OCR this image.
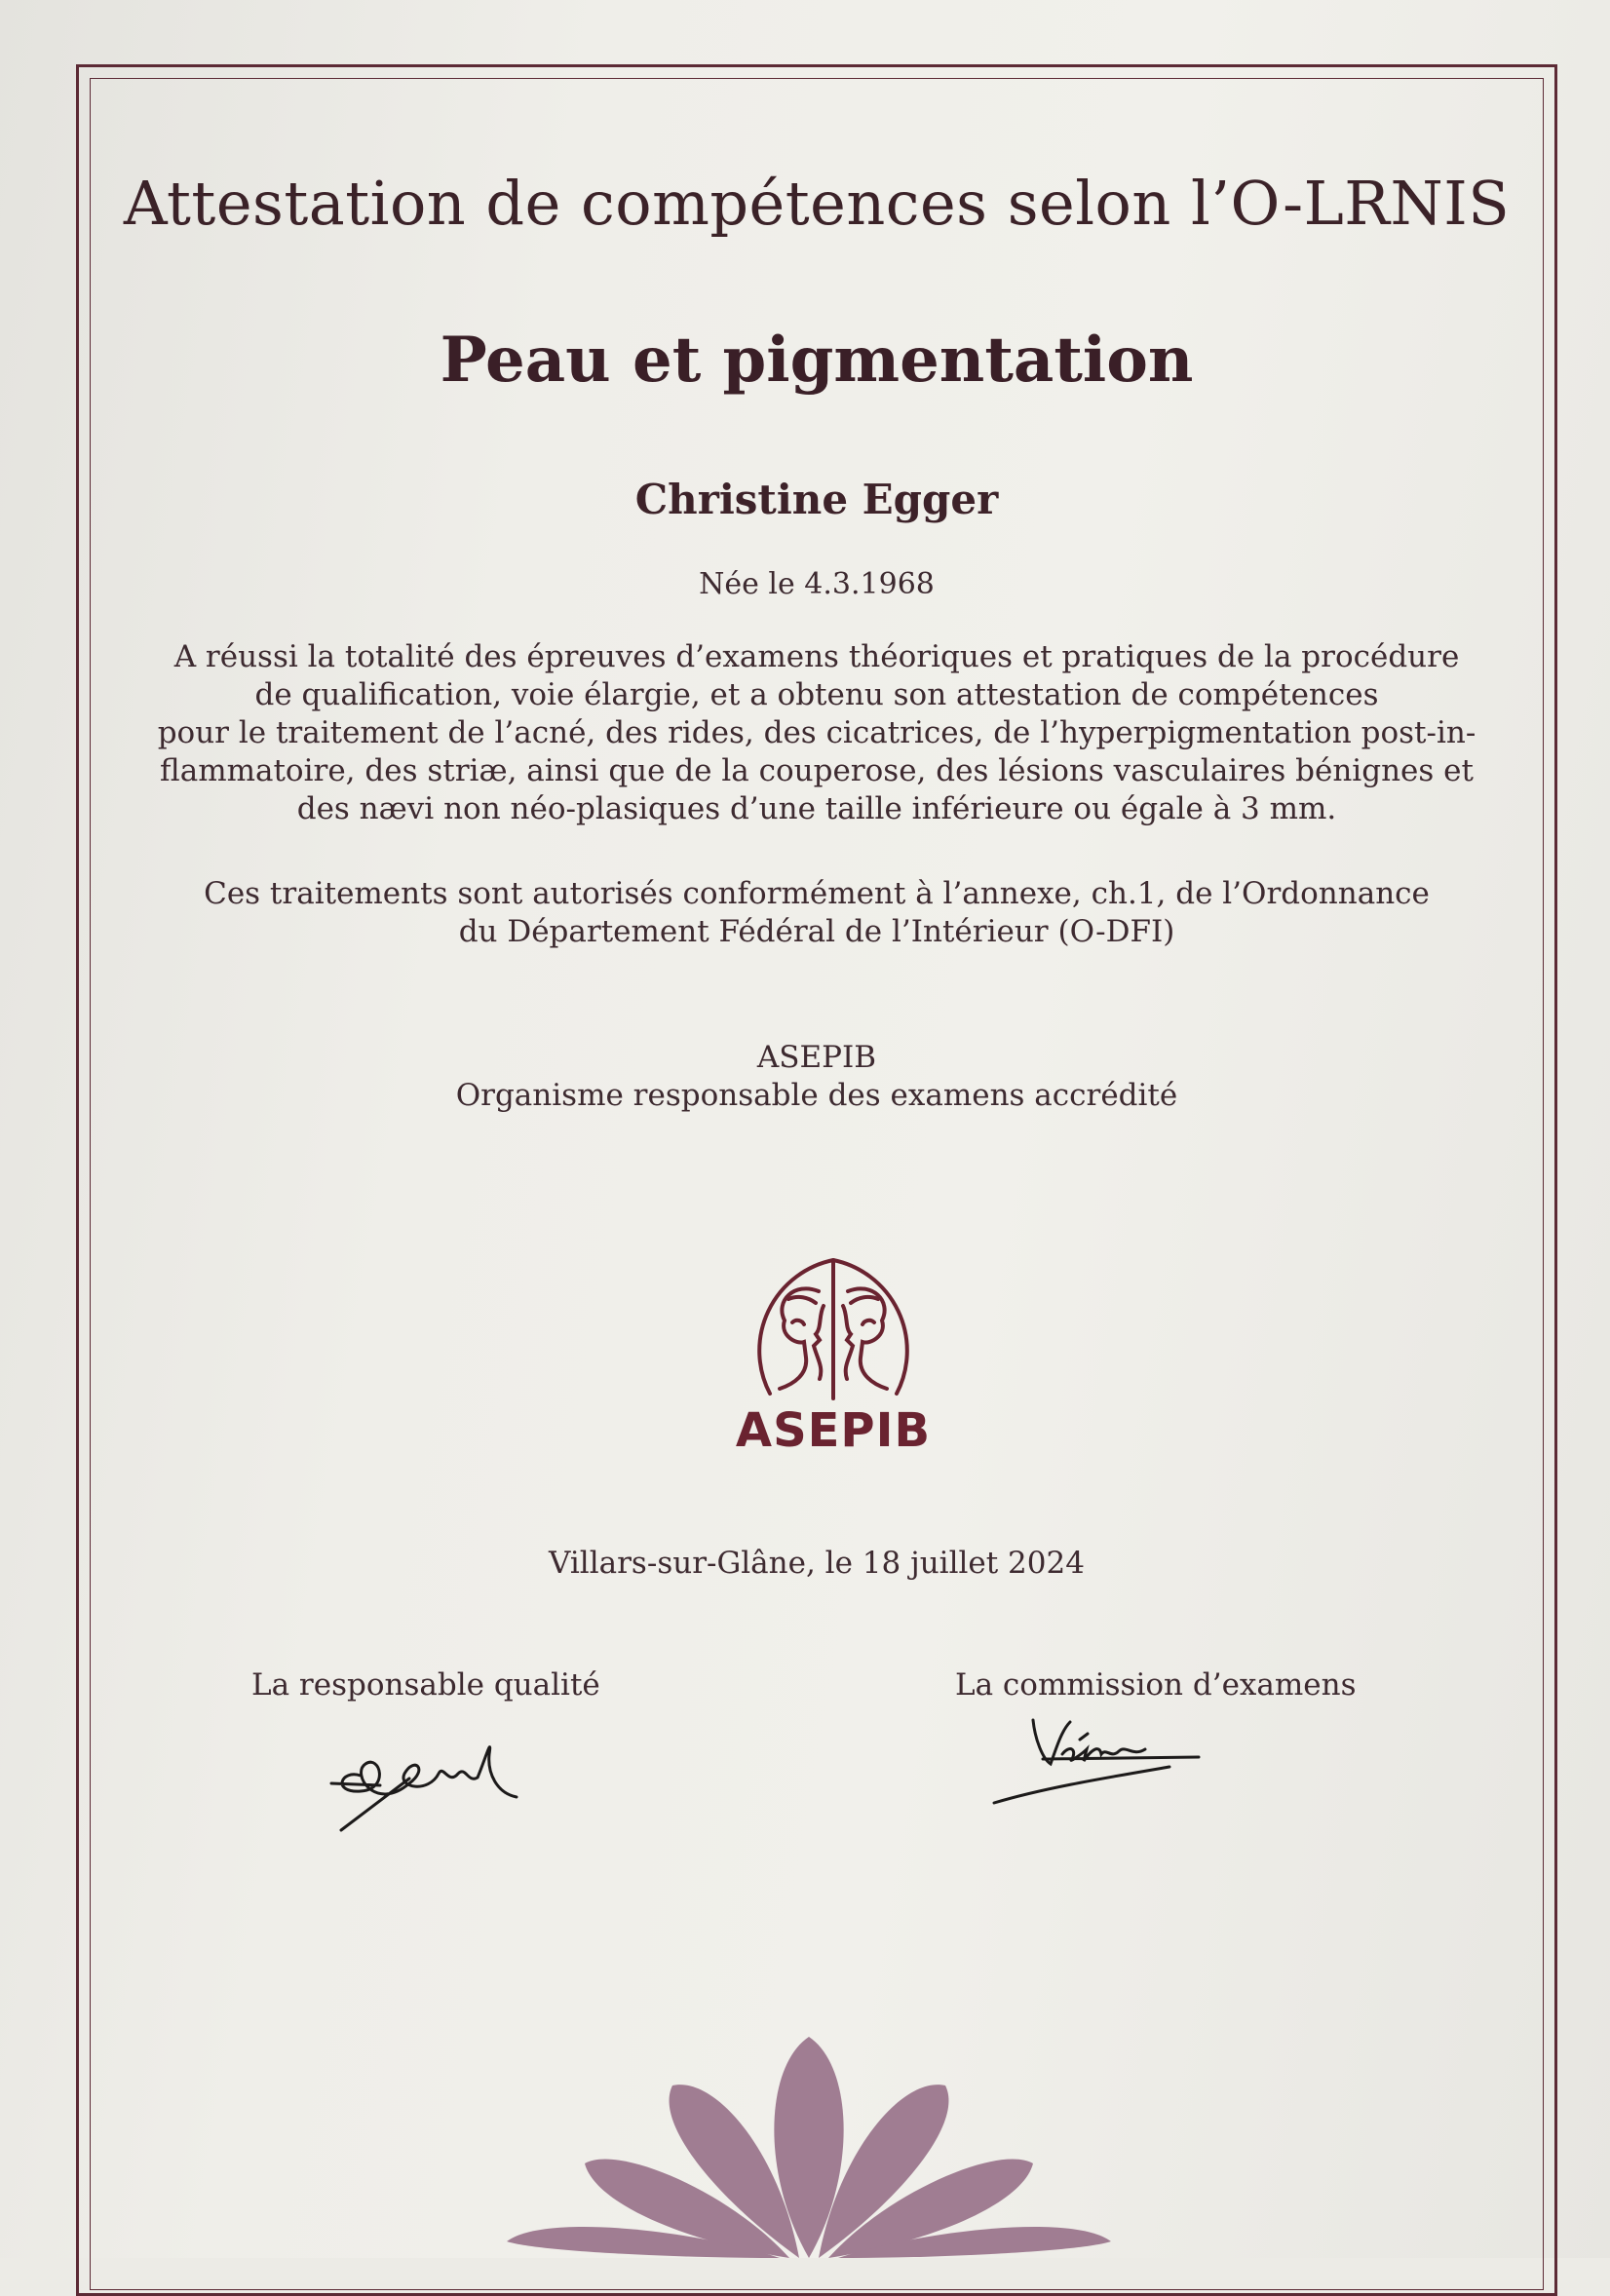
Attestation de compétences selon l’O-LRNIS
Peau et pigmentation
Christine Egger
Née le 4.3.1968
A réussi la totalité des épreuves d’examens théoriques et pratiques de la procédure
de qualification, voie élargie, et a obtenu son attestation de compétences
pour le traitement de l’acné, des rides, des cicatrices, de l’hyperpigmentation post-in-
flammatoire, des striæ, ainsi que de la couperose, des lésions vasculaires bénignes et
des nævi non néo-plasiques d’une taille inférieure ou égale à 3 mm.
Ces traitements sont autorisés conformément à l’annexe, ch.1, de l’Ordonnance
du Département Fédéral de l’Intérieur (O-DFI)
ASEPIB
Organisme responsable des examens accrédité
ASEPIB
Villars-sur-Glâne, le 18 juillet 2024
La responsable qualité	La commission d’examens
